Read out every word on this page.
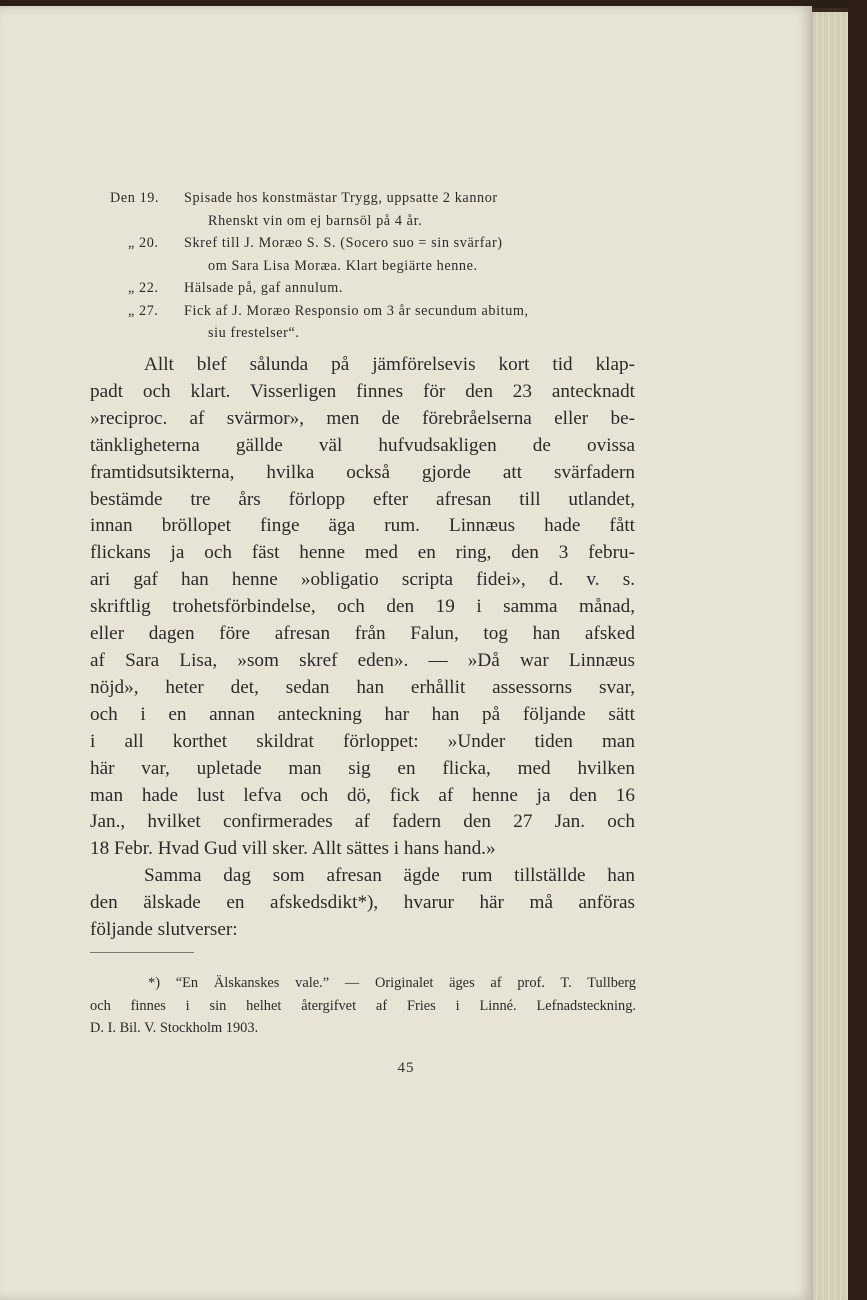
Den 19.	Spisade hos konstmästar Trygg, uppsatte 2 kannor
Rhenskt vin om ej barnsöl på 4 år.
„ 20.	Skref till J. Moræo S. S. (Socero suo = sin svärfar)
om Sara Lisa Moræa. Klart begiärte henne.
„ 22.	Hälsade på, gaf annulum.
„ 27.	Fick af J. Moræo Responsio om 3 år secundum abitum,
siu frestelser“.
Allt blef sålunda på jämförelsevis kort tid klap-
padt och klart. Visserligen finnes för den 23 antecknadt
»reciproc. af svärmor», men de förebråelserna eller be-
tänkligheterna gällde väl hufvudsakligen de ovissa
framtidsutsikterna, hvilka också gjorde att svärfadern
bestämde tre års förlopp efter afresan till utlandet,
innan bröllopet finge äga rum. Linnæus hade fått
flickans ja och fäst henne med en ring, den 3 febru-
ari gaf han henne »obligatio scripta fidei», d. v. s.
skriftlig trohetsförbindelse, och den 19 i samma månad,
eller dagen före afresan från Falun, tog han afsked
af Sara Lisa, »som skref eden». — »Då war Linnæus
nöjd», heter det, sedan han erhållit assessorns svar,
och i en annan anteckning har han på följande sätt
i all korthet skildrat förloppet: »Under tiden man
här var, upletade man sig en flicka, med hvilken
man hade lust lefva och dö, fick af henne ja den 16
Jan., hvilket confirmerades af fadern den 27 Jan. och
18 Febr. Hvad Gud vill sker. Allt sättes i hans hand.»
Samma dag som afresan ägde rum tillställde han
den älskade en afskedsdikt*), hvarur här må anföras
följande slutverser:
*) “En Älskanskes vale.” — Originalet äges af prof. T. Tullberg
och finnes i sin helhet återgifvet af Fries i Linné. Lefnadsteckning.
D. I. Bil. V. Stockholm 1903.
45
